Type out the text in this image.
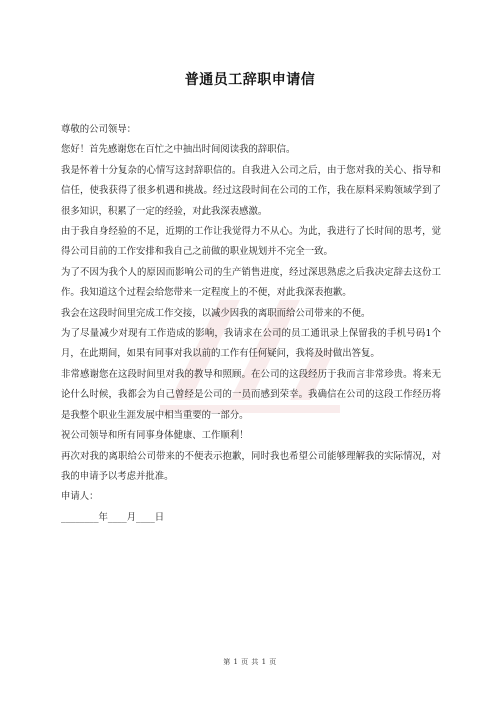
普通员工辞职申请信

尊敬的公司领导：

您好！首先感谢您在百忙之中抽出时间阅读我的辞职信。

我是怀着十分复杂的心情写这封辞职信的。自我进入公司之后，由于您对我的关心、指导和信任，使我获得了很多机遇和挑战。经过这段时间在公司的工作，我在原料采购领域学到了很多知识，积累了一定的经验，对此我深表感激。

由于我自身经验的不足，近期的工作让我觉得力不从心。为此，我进行了长时间的思考，觉得公司目前的工作安排和我自己之前做的职业规划并不完全一致。

为了不因为我个人的原因而影响公司的生产销售进度，经过深思熟虑之后我决定辞去这份工作。我知道这个过程会给您带来一定程度上的不便，对此我深表抱歉。

我会在这段时间里完成工作交接，以减少因我的离职而给公司带来的不便。

为了尽量减少对现有工作造成的影响，我请求在公司的员工通讯录上保留我的手机号码1个月，在此期间，如果有同事对我以前的工作有任何疑问，我将及时做出答复。

非常感谢您在这段时间里对我的教导和照顾。在公司的这段经历于我而言非常珍贵。将来无论什么时候，我都会为自己曾经是公司的一员而感到荣幸。我确信在公司的这段工作经历将是我整个职业生涯发展中相当重要的一部分。

祝公司领导和所有同事身体健康、工作顺利！

再次对我的离职给公司带来的不便表示抱歉，同时我也希望公司能够理解我的实际情况，对我的申请予以考虑并批准。

申请人：

________年____月____日

第 1 页 共 1 页
